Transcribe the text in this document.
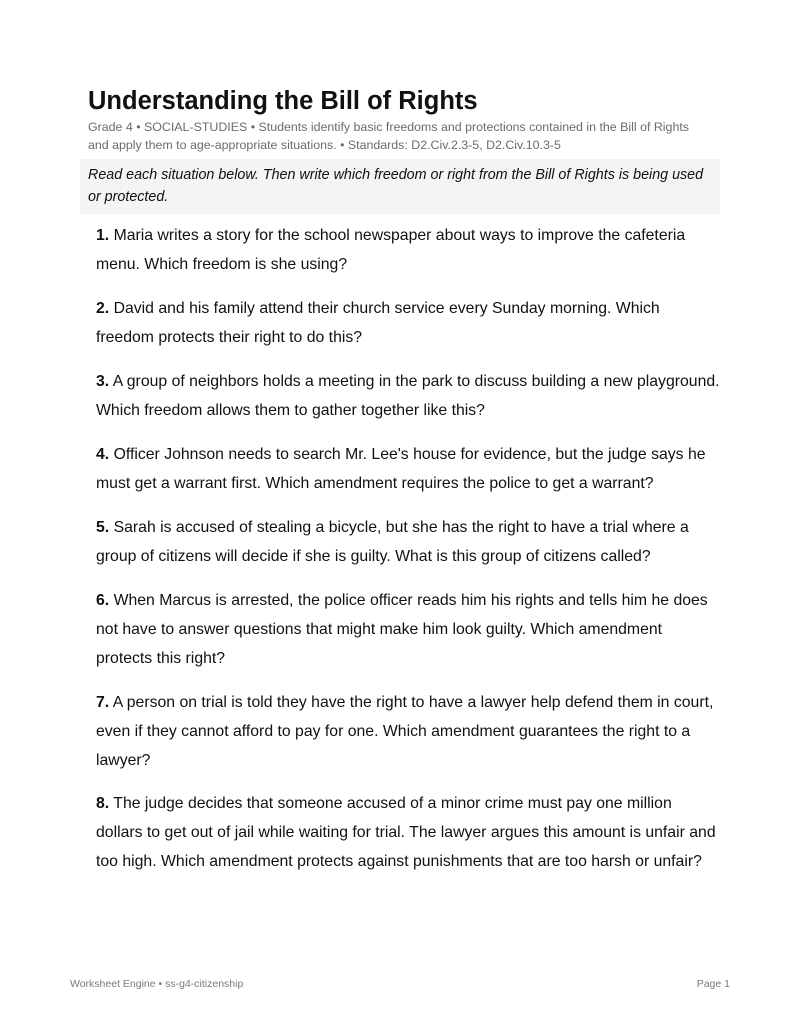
Understanding the Bill of Rights

Grade 4 • SOCIAL-STUDIES • Students identify basic freedoms and protections contained in the Bill of Rights and apply them to age-appropriate situations. • Standards: D2.Civ.2.3-5, D2.Civ.10.3-5

Read each situation below. Then write which freedom or right from the Bill of Rights is being used or protected.
1. Maria writes a story for the school newspaper about ways to improve the cafeteria menu. Which freedom is she using?
2. David and his family attend their church service every Sunday morning. Which freedom protects their right to do this?
3. A group of neighbors holds a meeting in the park to discuss building a new playground. Which freedom allows them to gather together like this?
4. Officer Johnson needs to search Mr. Lee's house for evidence, but the judge says he must get a warrant first. Which amendment requires the police to get a warrant?
5. Sarah is accused of stealing a bicycle, but she has the right to have a trial where a group of citizens will decide if she is guilty. What is this group of citizens called?
6. When Marcus is arrested, the police officer reads him his rights and tells him he does not have to answer questions that might make him look guilty. Which amendment protects this right?
7. A person on trial is told they have the right to have a lawyer help defend them in court, even if they cannot afford to pay for one. Which amendment guarantees the right to a lawyer?
8. The judge decides that someone accused of a minor crime must pay one million dollars to get out of jail while waiting for trial. The lawyer argues this amount is unfair and too high. Which amendment protects against punishments that are too harsh or unfair?
Worksheet Engine • ss-g4-citizenship	Page 1
